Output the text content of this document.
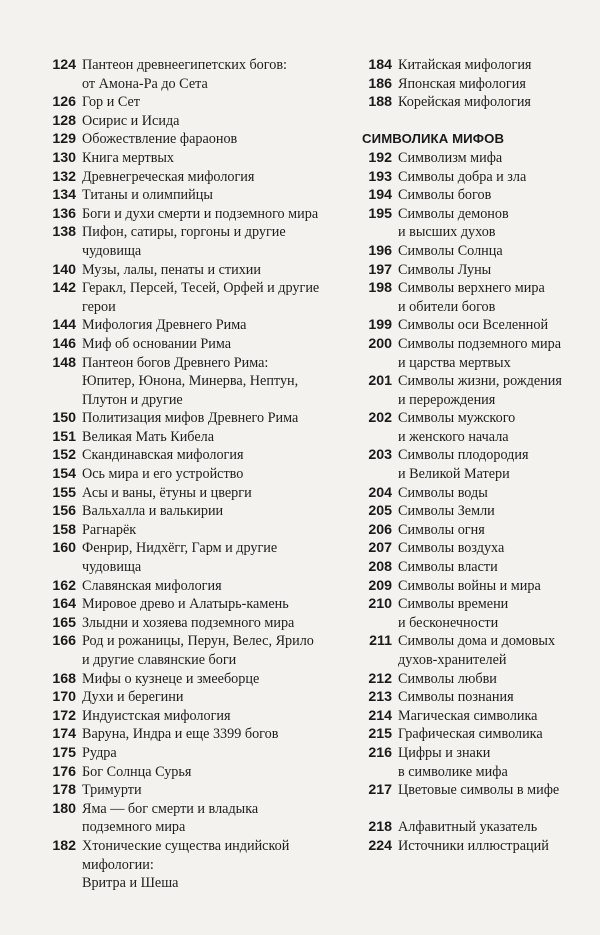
124 Пантеон древнеегипетских богов:
от Амона-Ра до Сета
126 Гор и Сет
128 Осирис и Исида
129 Обожествление фараонов
130 Книга мертвых
132 Древнегреческая мифология
134 Титаны и олимпийцы
136 Боги и духи смерти и подземного мира
138 Пифон, сатиры, горгоны и другие
чудовища
140 Музы, лалы, пенаты и стихии
142 Геракл, Персей, Тесей, Орфей и другие
герои
144 Мифология Древнего Рима
146 Миф об основании Рима
148 Пантеон богов Древнего Рима:
Юпитер, Юнона, Минерва, Нептун,
Плутон и другие
150 Политизация мифов Древнего Рима
151 Великая Мать Кибела
152 Скандинавская мифология
154 Ось мира и его устройство
155 Асы и ваны, ётуны и цверги
156 Вальхалла и валькирии
158 Рагнарёк
160 Фенрир, Нидхёгг, Гарм и другие
чудовища
162 Славянская мифология
164 Мировое древо и Алатырь-камень
165 Злыдни и хозяева подземного мира
166 Род и рожаницы, Перун, Велес, Ярило
и другие славянские боги
168 Мифы о кузнеце и змееборце
170 Духи и берегини
172 Индуистская мифология
174 Варуна, Индра и еще 3399 богов
175 Рудра
176 Бог Солнца Сурья
178 Тримурти
180 Яма — бог смерти и владыка
подземного мира
182 Хтонические существа индийской
мифологии:
Вритра и Шеша
184 Китайская мифология
186 Японская мифология
188 Корейская мифология
СИМВОЛИКА МИФОВ
192 Символизм мифа
193 Символы добра и зла
194 Символы богов
195 Символы демонов
и высших духов
196 Символы Солнца
197 Символы Луны
198 Символы верхнего мира
и обители богов
199 Символы оси Вселенной
200 Символы подземного мира
и царства мертвых
201 Символы жизни, рождения
и перерождения
202 Символы мужского
и женского начала
203 Символы плодородия
и Великой Матери
204 Символы воды
205 Символы Земли
206 Символы огня
207 Символы воздуха
208 Символы власти
209 Символы войны и мира
210 Символы времени
и бесконечности
211 Символы дома и домовых
духов-хранителей
212 Символы любви
213 Символы познания
214 Магическая символика
215 Графическая символика
216 Цифры и знаки
в символике мифа
217 Цветовые символы в мифе
218 Алфавитный указатель
224 Источники иллюстраций
